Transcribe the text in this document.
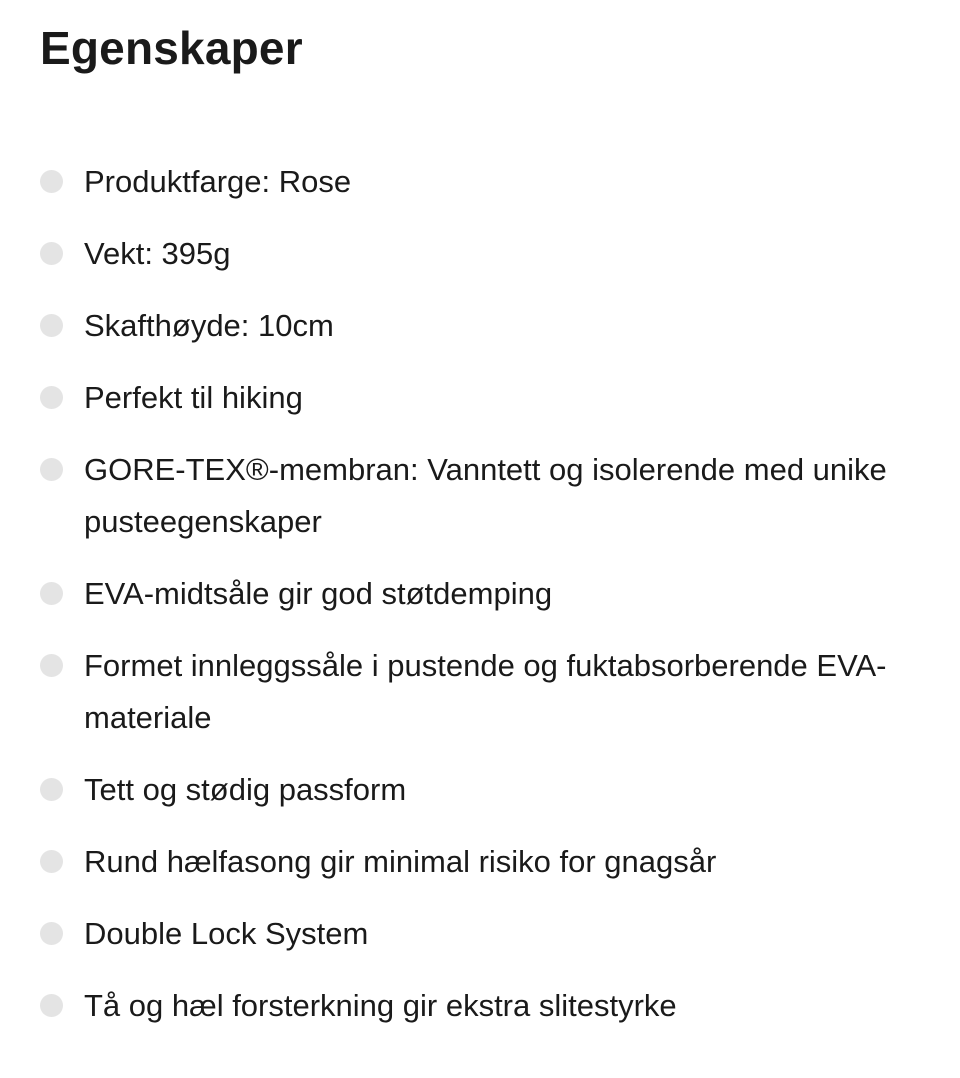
Egenskaper
Produktfarge: Rose
Vekt: 395g
Skafthøyde: 10cm
Perfekt til hiking
GORE-TEX®-membran: Vanntett og isolerende med unike pusteegenskaper
EVA-midtsåle gir god støtdemping
Formet innleggssåle i pustende og fuktabsorberende EVA-materiale
Tett og stødig passform
Rund hælfasong gir minimal risiko for gnagsår
Double Lock System
Tå og hæl forsterkning gir ekstra slitestyrke
